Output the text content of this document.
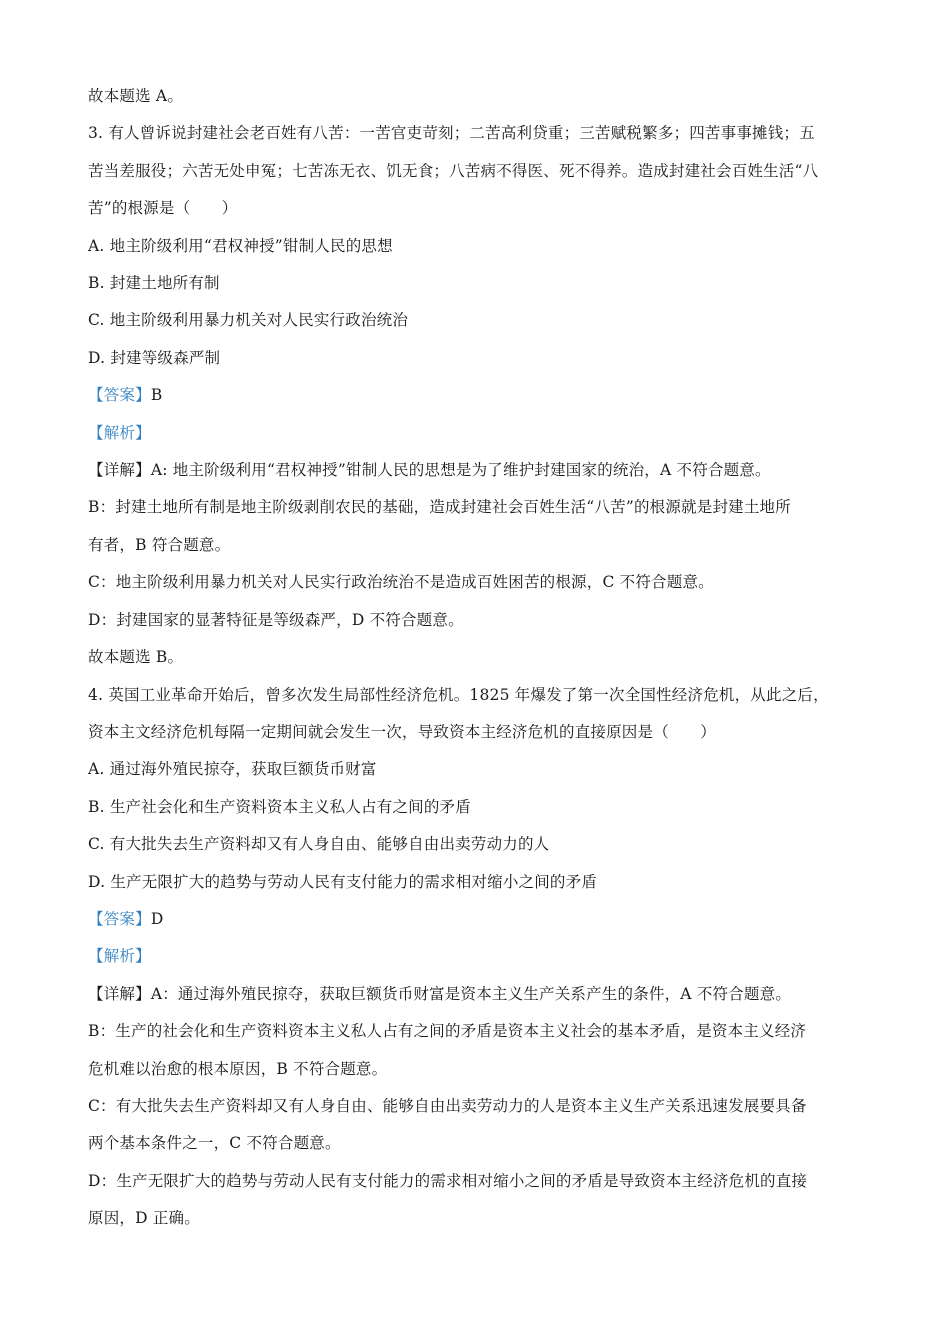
故本题选 A。
3. 有人曾诉说封建社会老百姓有八苦：一苦官吏苛刻；二苦高利贷重；三苦赋税繁多；四苦事事摊钱；五
苦当差服役；六苦无处申冤；七苦冻无衣、饥无食；八苦病不得医、死不得养。造成封建社会百姓生活“八
苦”的根源是（　　）
A. 地主阶级利用“君权神授”钳制人民的思想
B. 封建土地所有制
C. 地主阶级利用暴力机关对人民实行政治统治
D. 封建等级森严制
【答案】B
【解析】
【详解】A: 地主阶级利用“君权神授”钳制人民的思想是为了维护封建国家的统治，A 不符合题意。
B：封建土地所有制是地主阶级剥削农民的基础，造成封建社会百姓生活“八苦”的根源就是封建土地所
有者，B 符合题意。
C：地主阶级利用暴力机关对人民实行政治统治不是造成百姓困苦的根源，C 不符合题意。
D：封建国家的显著特征是等级森严，D 不符合题意。
故本题选 B。
4. 英国工业革命开始后，曾多次发生局部性经济危机。1825 年爆发了第一次全国性经济危机，从此之后，
资本主文经济危机每隔一定期间就会发生一次，导致资本主经济危机的直接原因是（　　）
A. 通过海外殖民掠夺，获取巨额货币财富
B. 生产社会化和生产资料资本主义私人占有之间的矛盾
C. 有大批失去生产资料却又有人身自由、能够自由出卖劳动力的人
D. 生产无限扩大的趋势与劳动人民有支付能力的需求相对缩小之间的矛盾
【答案】D
【解析】
【详解】A：通过海外殖民掠夺，获取巨额货币财富是资本主义生产关系产生的条件，A 不符合题意。
B：生产的社会化和生产资料资本主义私人占有之间的矛盾是资本主义社会的基本矛盾，是资本主义经济
危机难以治愈的根本原因，B 不符合题意。
C：有大批失去生产资料却又有人身自由、能够自由出卖劳动力的人是资本主义生产关系迅速发展要具备
两个基本条件之一，C 不符合题意。
D：生产无限扩大的趋势与劳动人民有支付能力的需求相对缩小之间的矛盾是导致资本主经济危机的直接
原因，D 正确。
